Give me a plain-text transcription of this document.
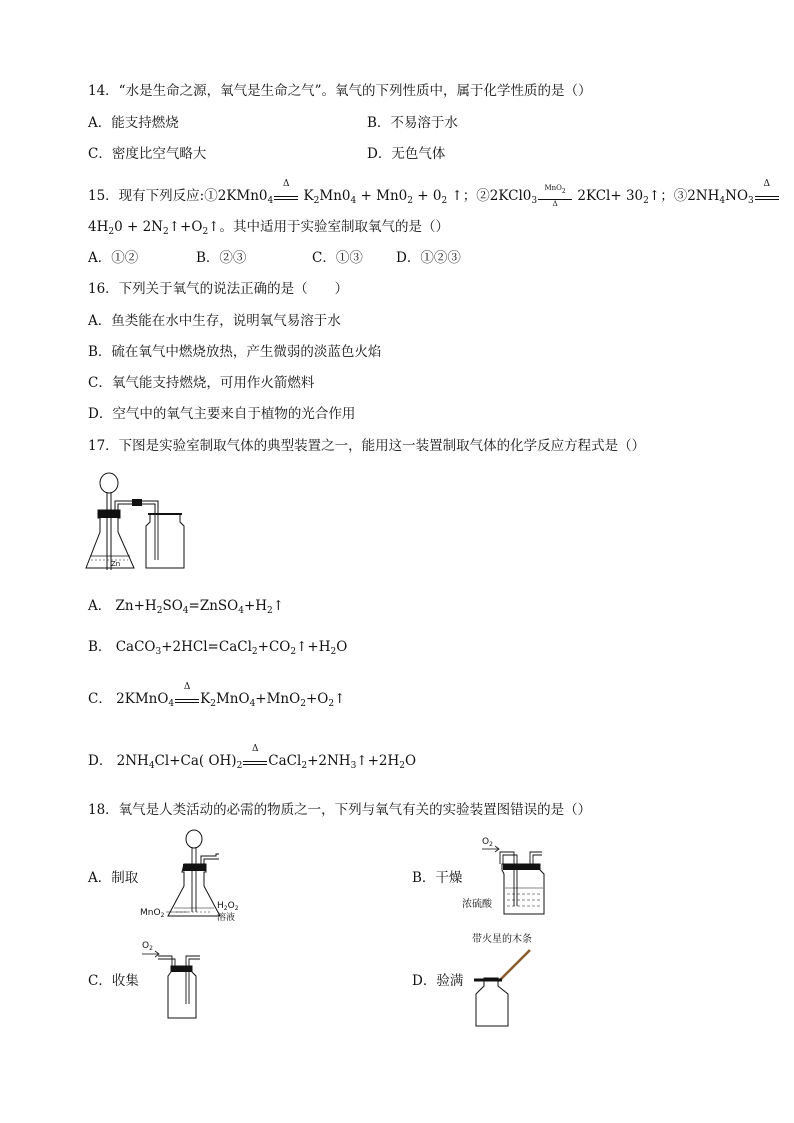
14．“水是生命之源，氧气是生命之气”。氧气的下列性质中，属于化学性质的是（）
A．能支持燃烧	B．不易溶于水
C．密度比空气略大	D．无色气体
15．现有下列反应$:①2KMn0_4$
Δ
$K_2Mn0_4 + Mn0_2 + 0_2$ ↑；$②2KCl0_3$
MnO2
Δ	$2KCl+ 30_2↑$；$③2NH_4NO_3$
Δ
$4H_20$ + $2N_2↑+O_2↑$。其中适用于实验室制取氧气的是（）
A．①②	B．②③	C．①③ D．①②③
16．下列关于氧气的说法正确的是（　　）
A．鱼类能在水中生存，说明氧气易溶于水
B．硫在氧气中燃烧放热，产生微弱的淡蓝色火焰
C．氧气能支持燃烧，可用作火箭燃料
D．空气中的氧气主要来自于植物的光合作用
17．下图是实验室制取气体的典型装置之一，能用这一装置制取气体的化学反应方程式是（）
Zn
A． $Zn+H_2SO_4=ZnSO_4+H_2↑$
B． $CaCO_3+2HCl=CaCl_2+CO_2↑+H_2O$
C． 2KMnO$_4$
Δ
$K_2MnO_4+MnO_2+O_2↑$
D． $2NH_4Cl+Ca$( $OH)_2$
Δ
$CaCl_2+2NH_3↑+2H_2O$
18．氧气是人类活动的必需的物质之一，下列与氧气有关的实验装置图错误的是（）
A．制取	B．干燥
C．收集	D．验满
MnO$_2$
$H_2O_2$
溶液
$O_2$
浓硫酸
$O_2$
带火星的木条
